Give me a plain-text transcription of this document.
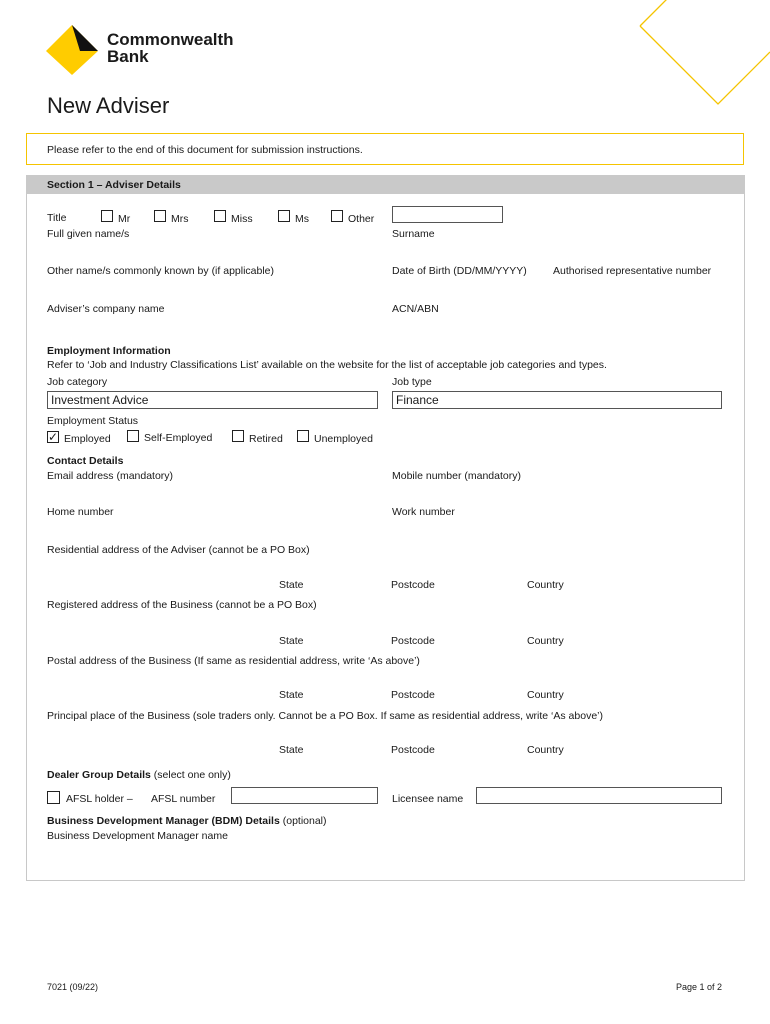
Commonwealth
Bank
New Adviser
Please refer to the end of this document for submission instructions.
Section 1 – Adviser Details
Title	Mr	Mrs	Miss	Ms	Other
Full given name/s	Surname
Other name/s commonly known by (if applicable)	Date of Birth (DD/MM/YYYY) Authorised representative number
Adviser’s company name	ACN/ABN
Employment Information
Refer to ‘Job and Industry Classifications List’ available on the website for the list of acceptable job categories and types.
Job category	Job type
Investment Advice	Finance
Employment Status
✓ Employed	Self-Employed	Retired	Unemployed
Contact Details
Email address (mandatory)	Mobile number (mandatory)
Home number	Work number
Residential address of the Adviser (cannot be a PO Box)
State	Postcode	Country
Registered address of the Business (cannot be a PO Box)
State	Postcode	Country
Postal address of the Business (If same as residential address, write ‘As above’)
State	Postcode	Country
Principal place of the Business (sole traders only. Cannot be a PO Box. If same as residential address, write ‘As above’)
State	Postcode	Country
Dealer Group Details (select one only)
AFSL holder – AFSL number	Licensee name
Business Development Manager (BDM) Details (optional)
Business Development Manager name
7021 (09/22)	Page 1 of 2
